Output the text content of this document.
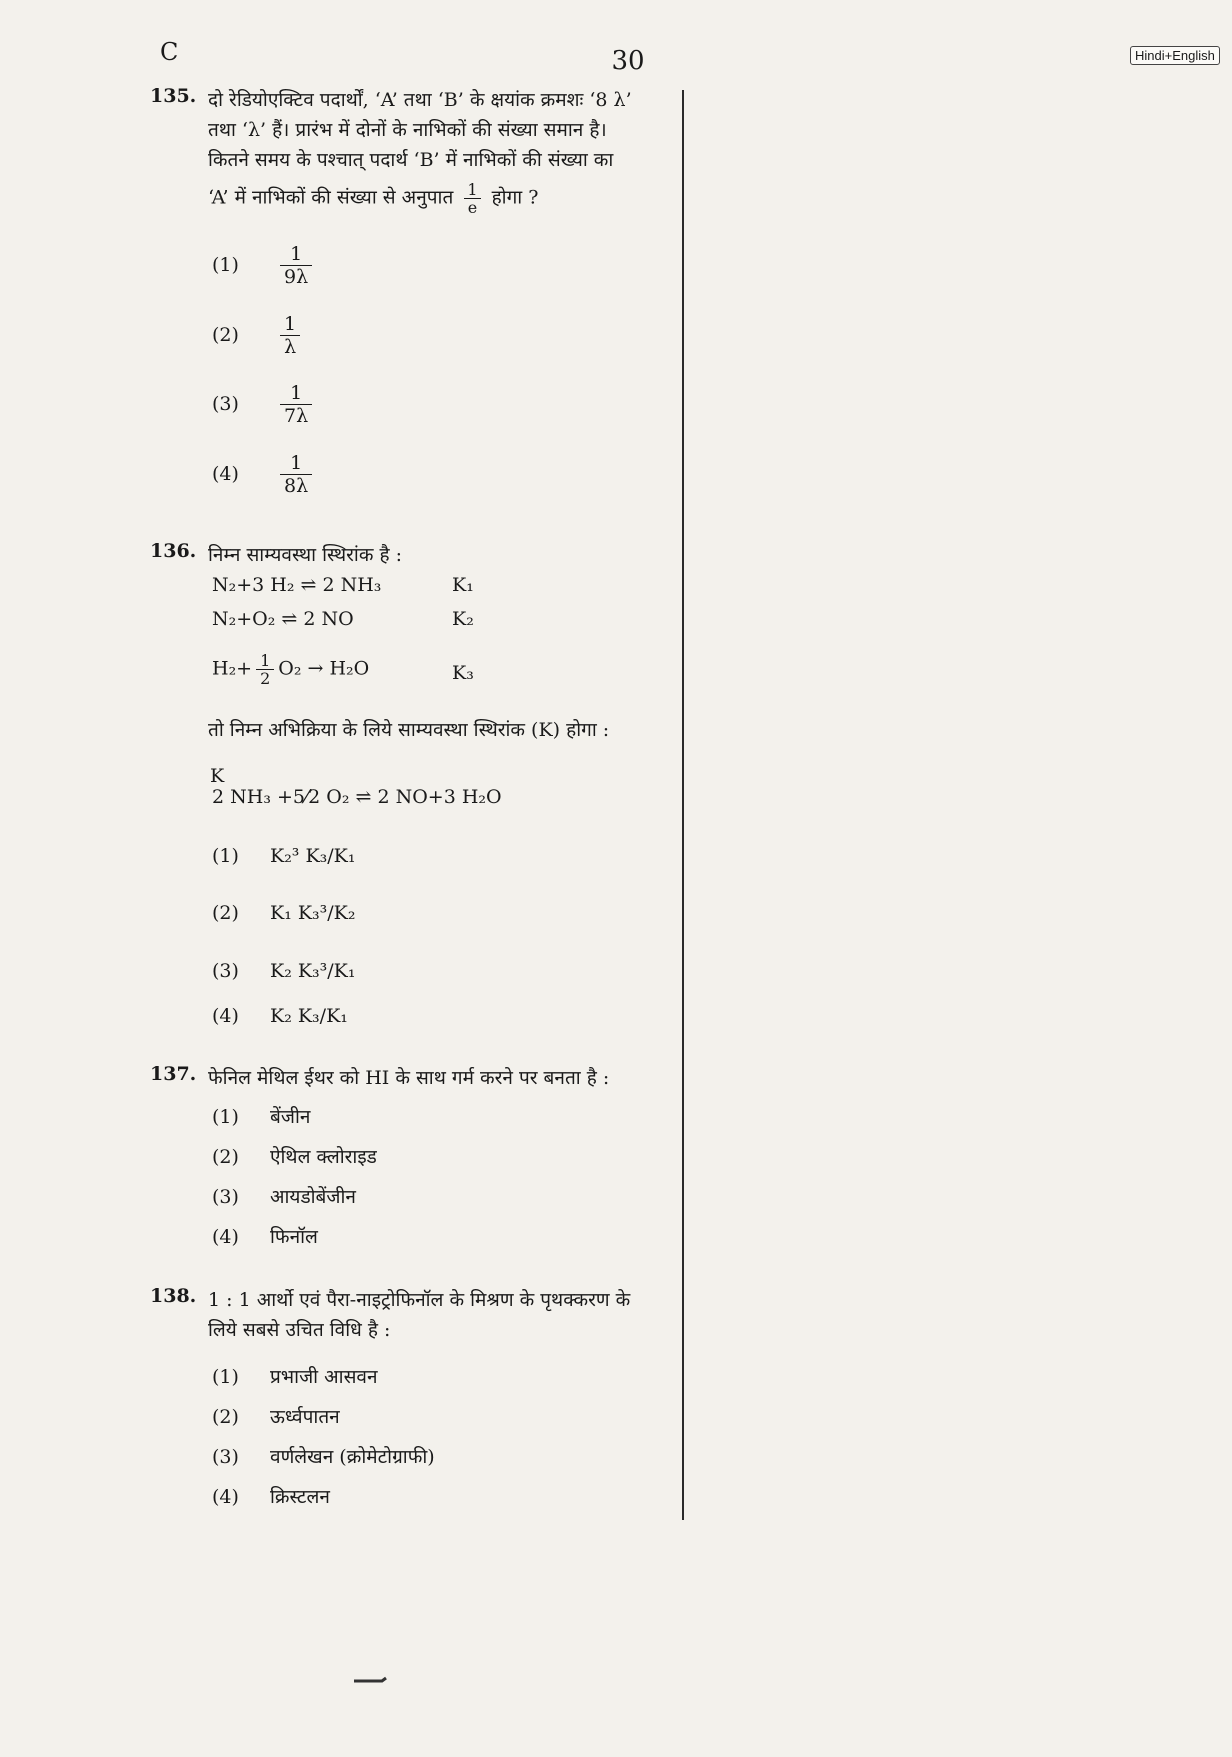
C	30	Hindi+English
135. दो रेडियोएक्टिव पदार्थों, ‘A’ तथा ‘B’ के क्षयांक क्रमशः ‘8 λ’
तथा ‘λ’ हैं। प्रारंभ में दोनों के नाभिकों की संख्या समान है।
कितने समय के पश्चात् पदार्थ ‘B’ में नाभिकों की संख्या का
‘A’ में नाभिकों की संख्या से अनुपात $\frac{1}{e}$ होगा ?
$(1) \frac{1}{9\lambda}$
$(2) \frac{1}{\lambda}$
$(3) \frac{1}{7\lambda}$
$(4) \frac{1}{8\lambda}$
136. निम्न साम्यवस्था स्थिरांक है :
N₂+3 H₂ ⇌ 2 NH₃	K₁
N₂+O₂ ⇌ 2 NO	K₂
$H_2+ \frac{1}{2} O_2 \to H_2O$	K₃
तो निम्न अभिक्रिया के लिये साम्यवस्था स्थिरांक (K) होगा :
K
2 NH₃ +5⁄2 O₂ ⇌ 2 NO+3 H₂O
(1) K₂³ K₃/K₁
(2) K₁ K₃³/K₂
(3) K₂ K₃³/K₁
(4) K₂ K₃/K₁
137. फेनिल मेथिल ईथर को HI के साथ गर्म करने पर बनता है :
(1) बेंजीन
(2) ऐथिल क्लोराइड
(3) आयडोबेंजीन
(4) फिनॉल
138. 1 : 1 आर्थो एवं पैरा-नाइट्रोफिनॉल के मिश्रण के पृथक्करण के
लिये सबसे उचित विधि है :
(1) प्रभाजी आसवन
(2) ऊर्ध्वपातन
(3) वर्णलेखन (क्रोमेटोग्राफी)
(4) क्रिस्टलन
